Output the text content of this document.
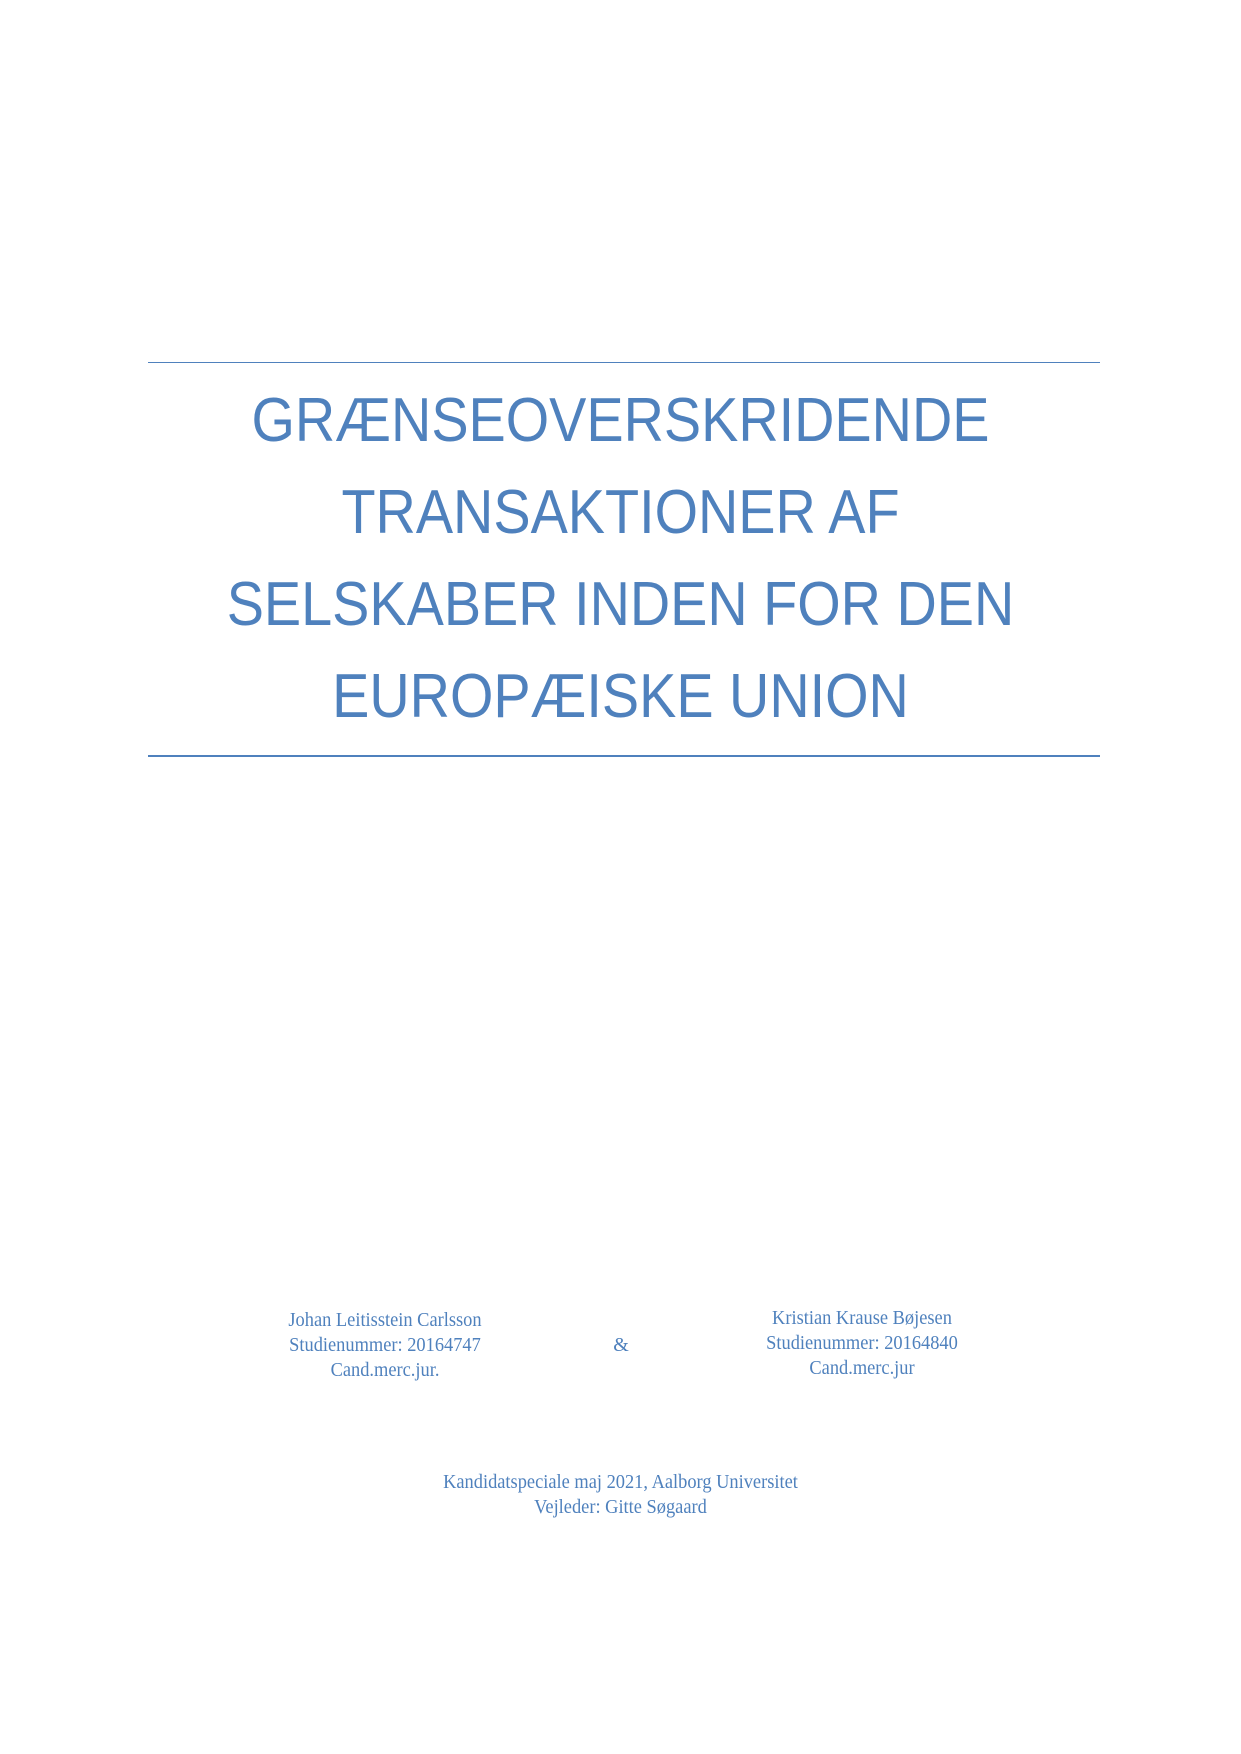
GRÆNSEOVERSKRIDENDE
TRANSAKTIONER AF
SELSKABER INDEN FOR DEN
EUROPÆISKE UNION
Johan Leitisstein Carlsson
Studienummer: 20164747
Cand.merc.jur.
&
Kristian Krause Bøjesen
Studienummer: 20164840
Cand.merc.jur
Kandidatspeciale maj 2021, Aalborg Universitet
Vejleder: Gitte Søgaard
